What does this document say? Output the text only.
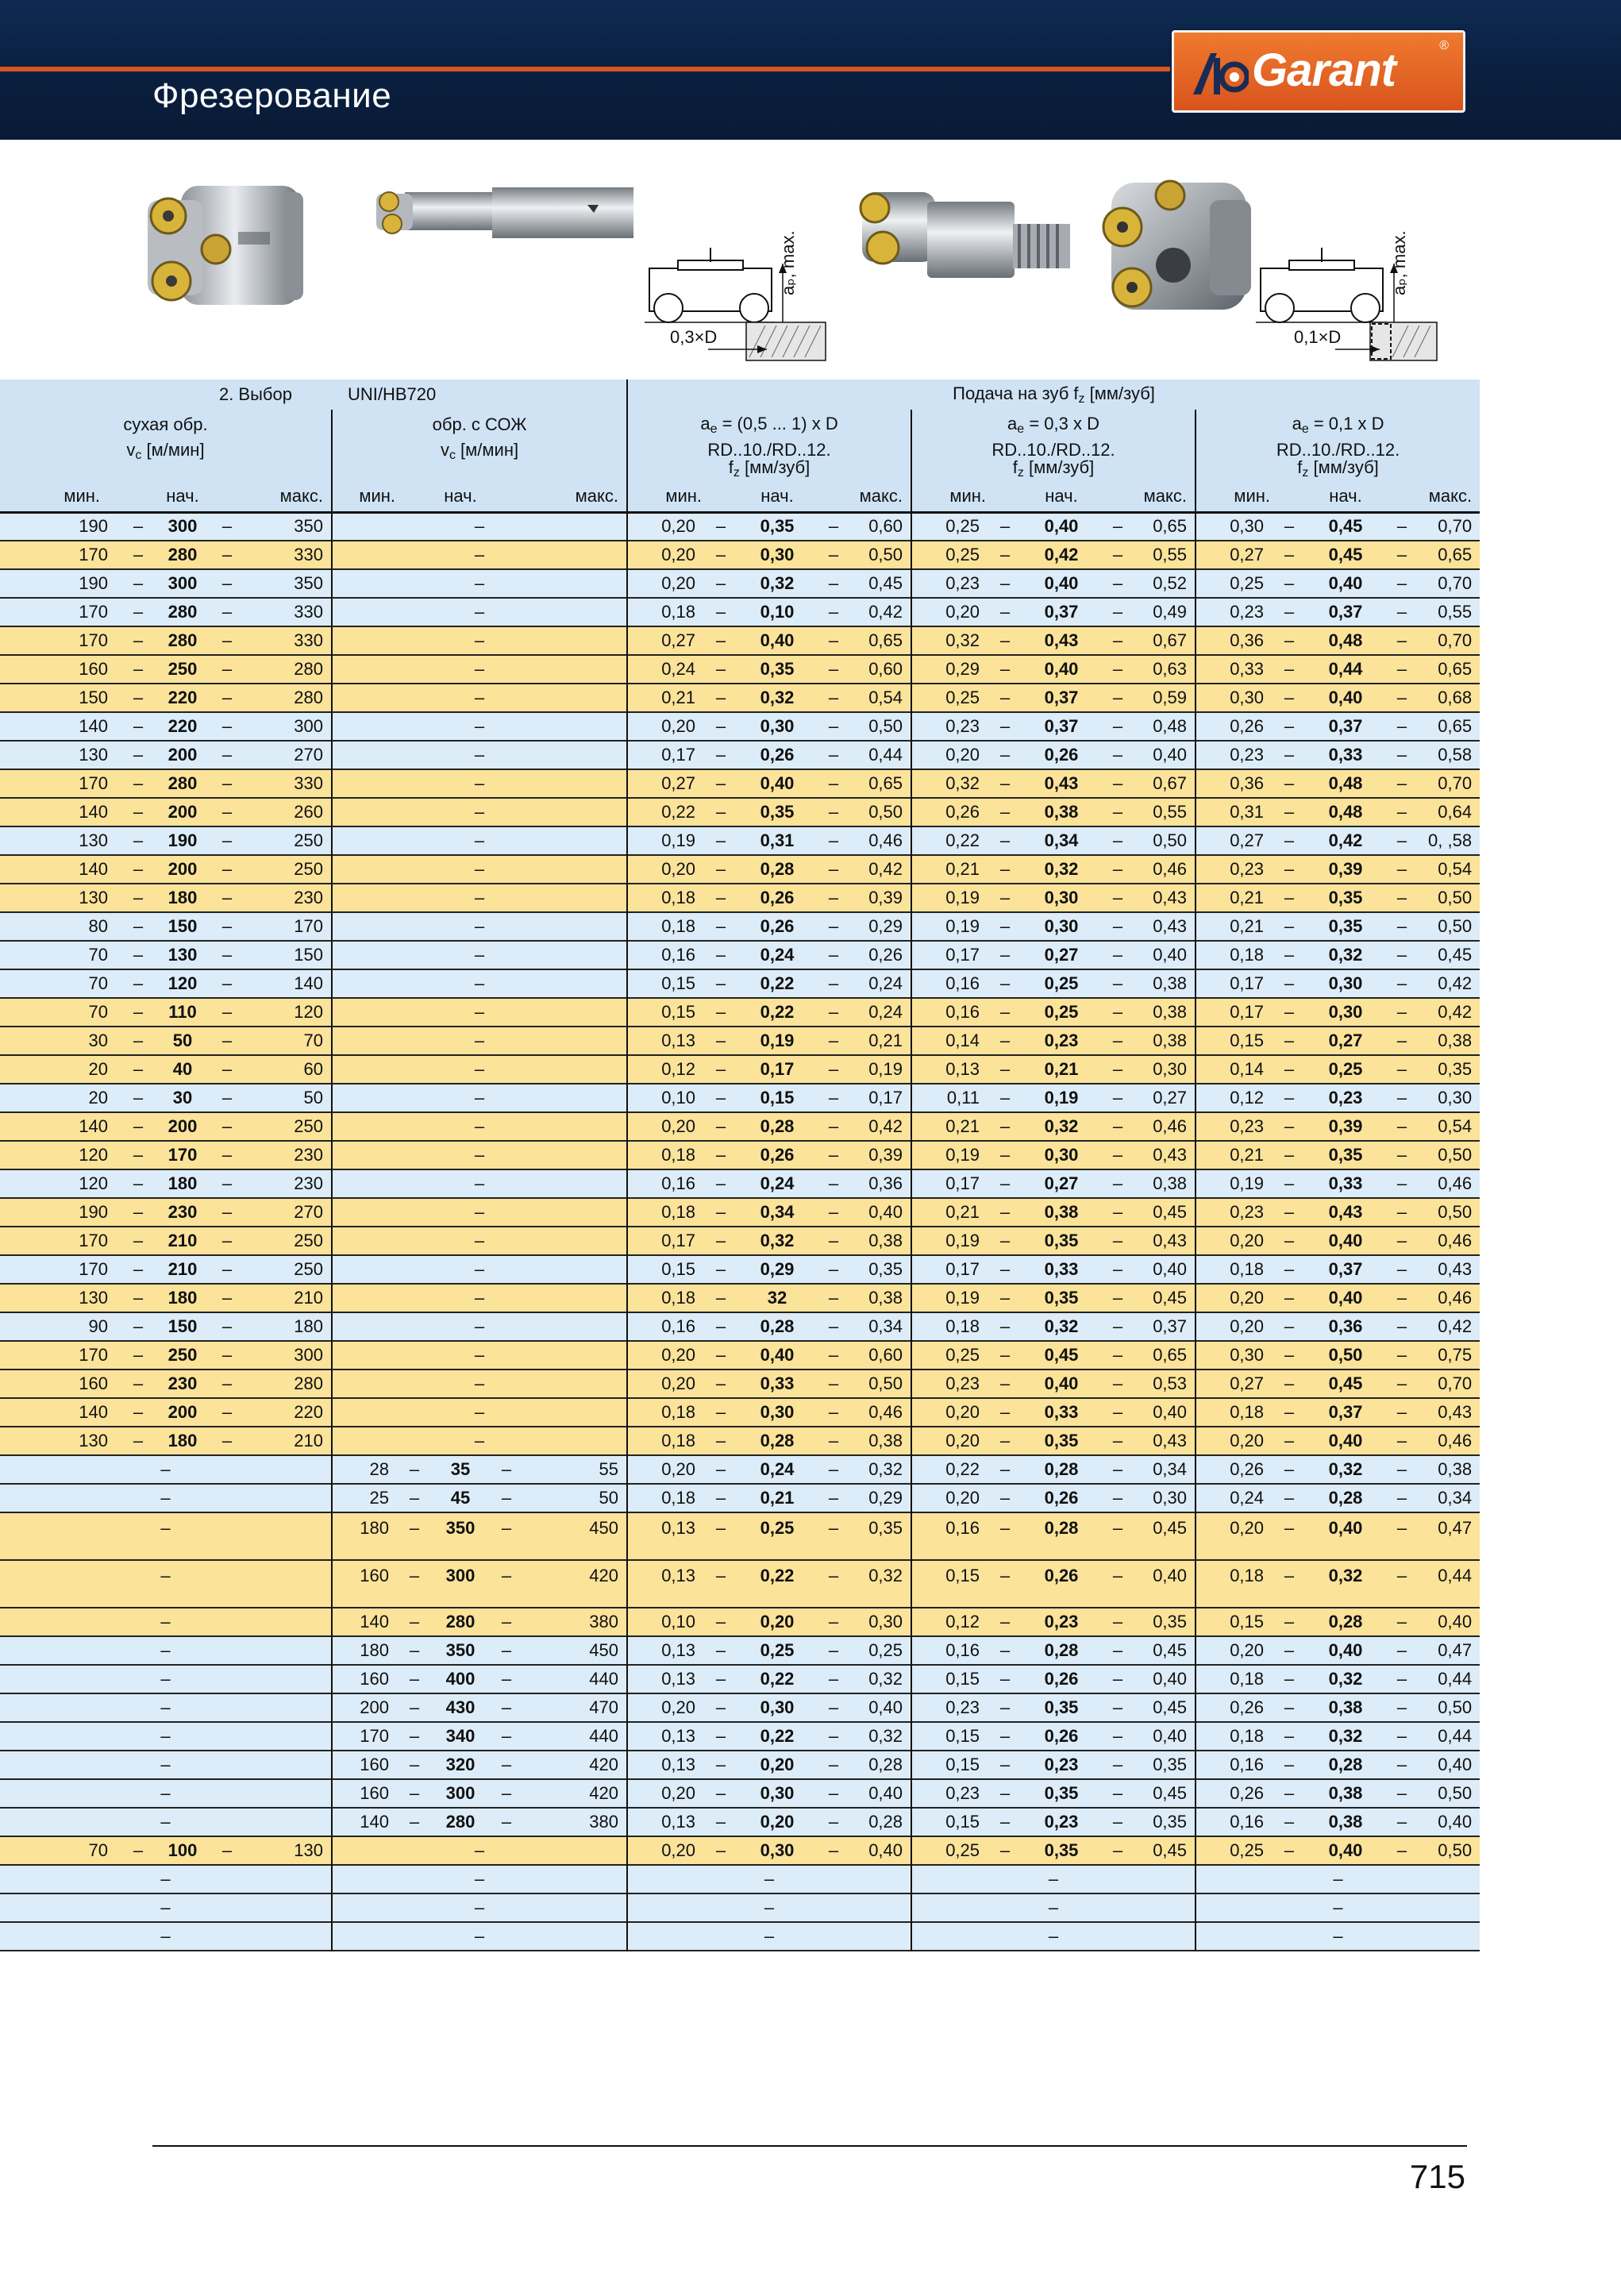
Фрезерование	Garant	®
aₚ, max.
0,3×D
aₚ, max.
0,1×D
2. Выбор					UNI/HB720					Подача на зуб $f_z$ [мм/зуб]														
сухая обр.					обр. с СОЖ					$a_e = (0,5$ ... 1) x D					$a_e = 0,3$ x D					$a_e = 0,1$ x D				
$v_c$ [м/мин]					$v_c$ [м/мин]					RD..10./RD..12.
$f_z$ [мм/зуб]					RD..10./RD..12.
$f_z$ [мм/зуб]					RD..10./RD..12.
$f_z$ [мм/зуб]				
мин.	нач.			макс.	мин.	нач.			макс.	мин.	нач.			макс.	мин.	нач.			макс.	мин.	нач.			макс.
190	–	300	–	350	–					0,20	–	0,35	–	0,60	0,25	–	0,40	–	0,65	0,30	–	0,45	–	0,70
170	–	280	–	330	–					0,20	–	0,30	–	0,50	0,25	–	0,42	–	0,55	0,27	–	0,45	–	0,65
190	–	300	–	350	–					0,20	–	0,32	–	0,45	0,23	–	0,40	–	0,52	0,25	–	0,40	–	0,70
170	–	280	–	330	–					0,18	–	0,10	–	0,42	0,20	–	0,37	–	0,49	0,23	–	0,37	–	0,55
170	–	280	–	330	–					0,27	–	0,40	–	0,65	0,32	–	0,43	–	0,67	0,36	–	0,48	–	0,70
160	–	250	–	280	–					0,24	–	0,35	–	0,60	0,29	–	0,40	–	0,63	0,33	–	0,44	–	0,65
150	–	220	–	280	–					0,21	–	0,32	–	0,54	0,25	–	0,37	–	0,59	0,30	–	0,40	–	0,68
140	–	220	–	300	–					0,20	–	0,30	–	0,50	0,23	–	0,37	–	0,48	0,26	–	0,37	–	0,65
130	–	200	–	270	–					0,17	–	0,26	–	0,44	0,20	–	0,26	–	0,40	0,23	–	0,33	–	0,58
170	–	280	–	330	–					0,27	–	0,40	–	0,65	0,32	–	0,43	–	0,67	0,36	–	0,48	–	0,70
140	–	200	–	260	–					0,22	–	0,35	–	0,50	0,26	–	0,38	–	0,55	0,31	–	0,48	–	0,64
130	–	190	–	250	–					0,19	–	0,31	–	0,46	0,22	–	0,34	–	0,50	0,27	–	0,42	–	0, ,58
140	–	200	–	250	–					0,20	–	0,28	–	0,42	0,21	–	0,32	–	0,46	0,23	–	0,39	–	0,54
130	–	180	–	230	–					0,18	–	0,26	–	0,39	0,19	–	0,30	–	0,43	0,21	–	0,35	–	0,50
80	–	150	–	170	–					0,18	–	0,26	–	0,29	0,19	–	0,30	–	0,43	0,21	–	0,35	–	0,50
70	–	130	–	150	–					0,16	–	0,24	–	0,26	0,17	–	0,27	–	0,40	0,18	–	0,32	–	0,45
70	–	120	–	140	–					0,15	–	0,22	–	0,24	0,16	–	0,25	–	0,38	0,17	–	0,30	–	0,42
70	–	110	–	120	–					0,15	–	0,22	–	0,24	0,16	–	0,25	–	0,38	0,17	–	0,30	–	0,42
30	–	50	–	70	–					0,13	–	0,19	–	0,21	0,14	–	0,23	–	0,38	0,15	–	0,27	–	0,38
20	–	40	–	60	–					0,12	–	0,17	–	0,19	0,13	–	0,21	–	0,30	0,14	–	0,25	–	0,35
20	–	30	–	50	–					0,10	–	0,15	–	0,17	0,11	–	0,19	–	0,27	0,12	–	0,23	–	0,30
140	–	200	–	250	–					0,20	–	0,28	–	0,42	0,21	–	0,32	–	0,46	0,23	–	0,39	–	0,54
120	–	170	–	230	–					0,18	–	0,26	–	0,39	0,19	–	0,30	–	0,43	0,21	–	0,35	–	0,50
120	–	180	–	230	–					0,16	–	0,24	–	0,36	0,17	–	0,27	–	0,38	0,19	–	0,33	–	0,46
190	–	230	–	270	–					0,18	–	0,34	–	0,40	0,21	–	0,38	–	0,45	0,23	–	0,43	–	0,50
170	–	210	–	250	–					0,17	–	0,32	–	0,38	0,19	–	0,35	–	0,43	0,20	–	0,40	–	0,46
170	–	210	–	250	–					0,15	–	0,29	–	0,35	0,17	–	0,33	–	0,40	0,18	–	0,37	–	0,43
130	–	180	–	210	–					0,18	–	32	–	0,38	0,19	–	0,35	–	0,45	0,20	–	0,40	–	0,46
90	–	150	–	180	–					0,16	–	0,28	–	0,34	0,18	–	0,32	–	0,37	0,20	–	0,36	–	0,42
170	–	250	–	300	–					0,20	–	0,40	–	0,60	0,25	–	0,45	–	0,65	0,30	–	0,50	–	0,75
160	–	230	–	280	–					0,20	–	0,33	–	0,50	0,23	–	0,40	–	0,53	0,27	–	0,45	–	0,70
140	–	200	–	220	–					0,18	–	0,30	–	0,46	0,20	–	0,33	–	0,40	0,18	–	0,37	–	0,43
130	–	180	–	210	–					0,18	–	0,28	–	0,38	0,20	–	0,35	–	0,43	0,20	–	0,40	–	0,46
–					28	–	35	–	55	0,20	–	0,24	–	0,32	0,22	–	0,28	–	0,34	0,26	–	0,32	–	0,38
–					25	–	45	–	50	0,18	–	0,21	–	0,29	0,20	–	0,26	–	0,30	0,24	–	0,28	–	0,34
–					180	–	350	–	450	0,13	–	0,25	–	0,35	0,16	–	0,28	–	0,45	0,20	–	0,40	–	0,47
–					160	–	300	–	420	0,13	–	0,22	–	0,32	0,15	–	0,26	–	0,40	0,18	–	0,32	–	0,44
–					140	–	280	–	380	0,10	–	0,20	–	0,30	0,12	–	0,23	–	0,35	0,15	–	0,28	–	0,40
–					180	–	350	–	450	0,13	–	0,25	–	0,25	0,16	–	0,28	–	0,45	0,20	–	0,40	–	0,47
–					160	–	400	–	440	0,13	–	0,22	–	0,32	0,15	–	0,26	–	0,40	0,18	–	0,32	–	0,44
–					200	–	430	–	470	0,20	–	0,30	–	0,40	0,23	–	0,35	–	0,45	0,26	–	0,38	–	0,50
–					170	–	340	–	440	0,13	–	0,22	–	0,32	0,15	–	0,26	–	0,40	0,18	–	0,32	–	0,44
–					160	–	320	–	420	0,13	–	0,20	–	0,28	0,15	–	0,23	–	0,35	0,16	–	0,28	–	0,40
–					160	–	300	–	420	0,20	–	0,30	–	0,40	0,23	–	0,35	–	0,45	0,26	–	0,38	–	0,50
–					140	–	280	–	380	0,13	–	0,20	–	0,28	0,15	–	0,23	–	0,35	0,16	–	0,38	–	0,40
70	–	100	–	130	–					0,20	–	0,30	–	0,40	0,25	–	0,35	–	0,45	0,25	–	0,40	–	0,50
–					–					–					–					–				
–					–					–					–					–				
–					–					–					–					–				
715
